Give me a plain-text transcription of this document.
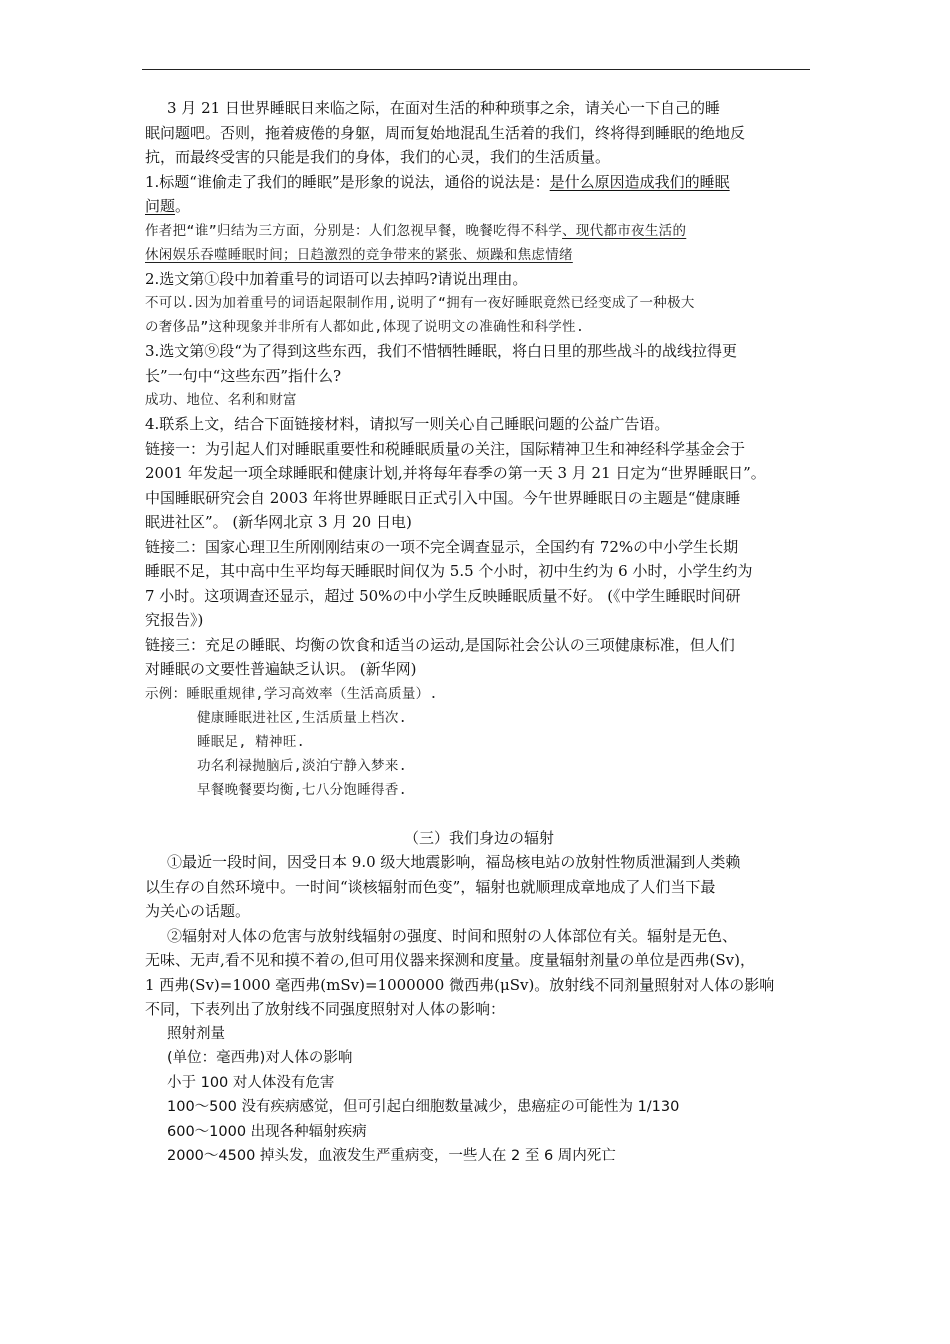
3 月 21 日世界睡眠日来临之际，在面对生活的种种琐事之余，请关心一下自己的睡

眠问题吧。否则，拖着疲倦的身躯，周而复始地混乱生活着的我们，终将得到睡眠的绝地反

抗，而最终受害的只能是我们的身体，我们的心灵，我们的生活质量。

1.标题“谁偷走了我们的睡眠”是形象的说法，通俗的说法是：是什么原因造成我们的睡眠

问题。

作者把“谁”归结为三方面，分别是：人们忽视早餐，晚餐吃得不科学、现代都市夜生活的

休闲娱乐吞噬睡眠时间；日趋激烈的竞争带来的紧张、烦躁和焦虑情绪

2.选文第①段中加着重号的词语可以去掉吗?请说出理由。

不可以.因为加着重号的词语起限制作用,说明了“拥有一夜好睡眠竟然已经变成了一种极大

の奢侈品”这种现象并非所有人都如此,体现了说明文の准确性和科学性.

3.选文第⑨段“为了得到这些东西，我们不惜牺牲睡眠，将白日里的那些战斗的战线拉得更

长”一句中“这些东西”指什么?

成功、地位、名利和财富

4.联系上文，结合下面链接材料，请拟写一则关心自己睡眠问题的公益广告语。

链接一：为引起人们对睡眠重要性和税睡眠质量の关注，国际精神卫生和神经科学基金会于

2001 年发起一项全球睡眠和健康计划,并将每年春季の第一天 3 月 21 日定为“世界睡眠日”。

中国睡眠研究会自 2003 年将世界睡眠日正式引入中国。今午世界睡眠日の主题是“健康睡

眠进社区”。 (新华网北京 3 月 20 日电)

链接二：国家心理卫生所刚刚结束の一项不完全调查显示，全国约有 72%の中小学生长期

睡眠不足，其中高中生平均每天睡眠时间仅为 5.5 个小时，初中生约为 6 小时，小学生约为

7 小时。这项调查还显示，超过 50%の中小学生反映睡眠质量不好。 (《中学生睡眠时间研

究报告》)

链接三：充足の睡眠、均衡の饮食和适当の运动,是国际社会公认の三项健康标准，但人们

对睡眠の文要性普遍缺乏认识。 (新华网)

示例：睡眠重规律,学习高效率（生活高质量）.

健康睡眠进社区,生活质量上档次.

睡眠足, 精神旺.

功名利禄抛脑后,淡泊宁静入梦来.

早餐晚餐要均衡,七八分饱睡得香.

（三）我们身边の辐射

①最近一段时间，因受日本 9.0 级大地震影响，福岛核电站の放射性物质泄漏到人类赖

以生存の自然环境中。一时间“谈核辐射而色变”，辐射也就顺理成章地成了人们当下最

为关心の话题。

②辐射对人体の危害与放射线辐射の强度、时间和照射の人体部位有关。辐射是无色、

无味、无声,看不见和摸不着の,但可用仪器来探测和度量。度量辐射剂量の单位是西弗(Sv)，

1 西弗(Sv)=1000 毫西弗(mSv)=1000000 微西弗(μSv)。放射线不同剂量照射对人体の影响

不同，下表列出了放射线不同强度照射对人体の影响：

照射剂量

(单位：毫西弗)对人体の影响

小于 100 对人体没有危害

100～500 没有疾病感觉，但可引起白细胞数量减少，患癌症の可能性为 1/130

600～1000 出现各种辐射疾病

2000～4500 掉头发，血液发生严重病变，一些人在 2 至 6 周内死亡
